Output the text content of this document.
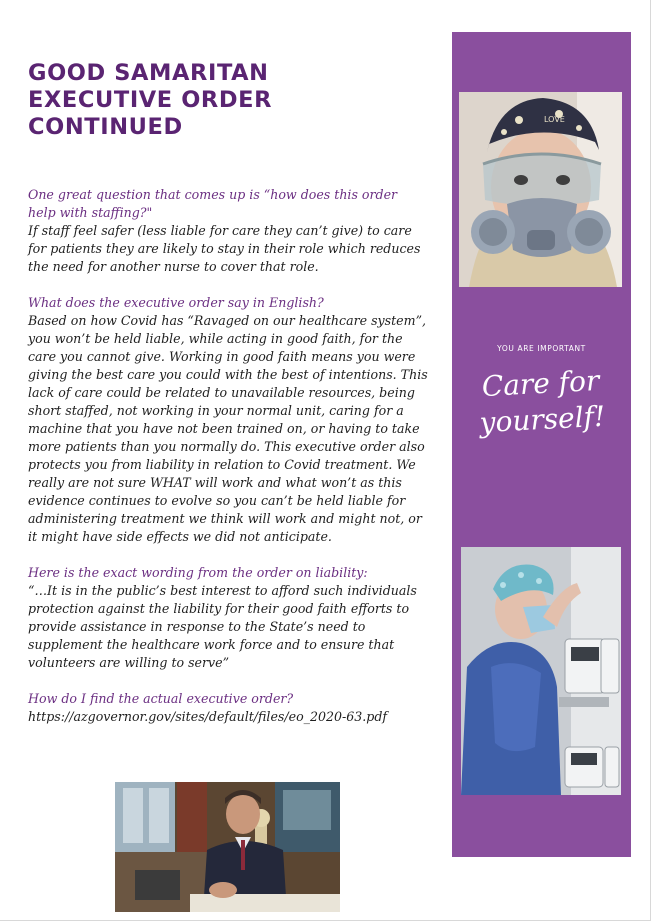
GOOD SAMARITAN EXECUTIVE ORDER CONTINUED

One great question that comes up is “how does this order help with staffing?"
If staff feel safer (less liable for care they can’t give) to care for patients they are likely to stay in their role which reduces the need for another nurse to cover that role.

What does the executive order say in English?
Based on how Covid has “Ravaged on our healthcare system”, you won’t be held liable, while acting in good faith, for the care you cannot give. Working in good faith means you were giving the best care you could with the best of intentions. This lack of care could be related to unavailable resources, being short staffed, not working in your normal unit, caring for a machine that you have not been trained on, or having to take more patients than you normally do. This executive order also protects you from liability in relation to Covid treatment. We really are not sure WHAT will work and what won’t as this evidence continues to evolve so you can’t be held liable for administering treatment we think will work and might not, or it might have side effects we did not anticipate.

Here is the exact wording from the order on liability:
“…It is in the public’s best interest to afford such individuals protection against the liability for their good faith efforts to provide assistance in response to the State’s need to supplement the healthcare work force and to ensure that volunteers are willing to serve”

How do I find the actual executive order?
https://azgovernor.gov/sites/default/files/eo_2020-63.pdf

LOVE
YOU ARE IMPORTANT
Care for
yourself!
